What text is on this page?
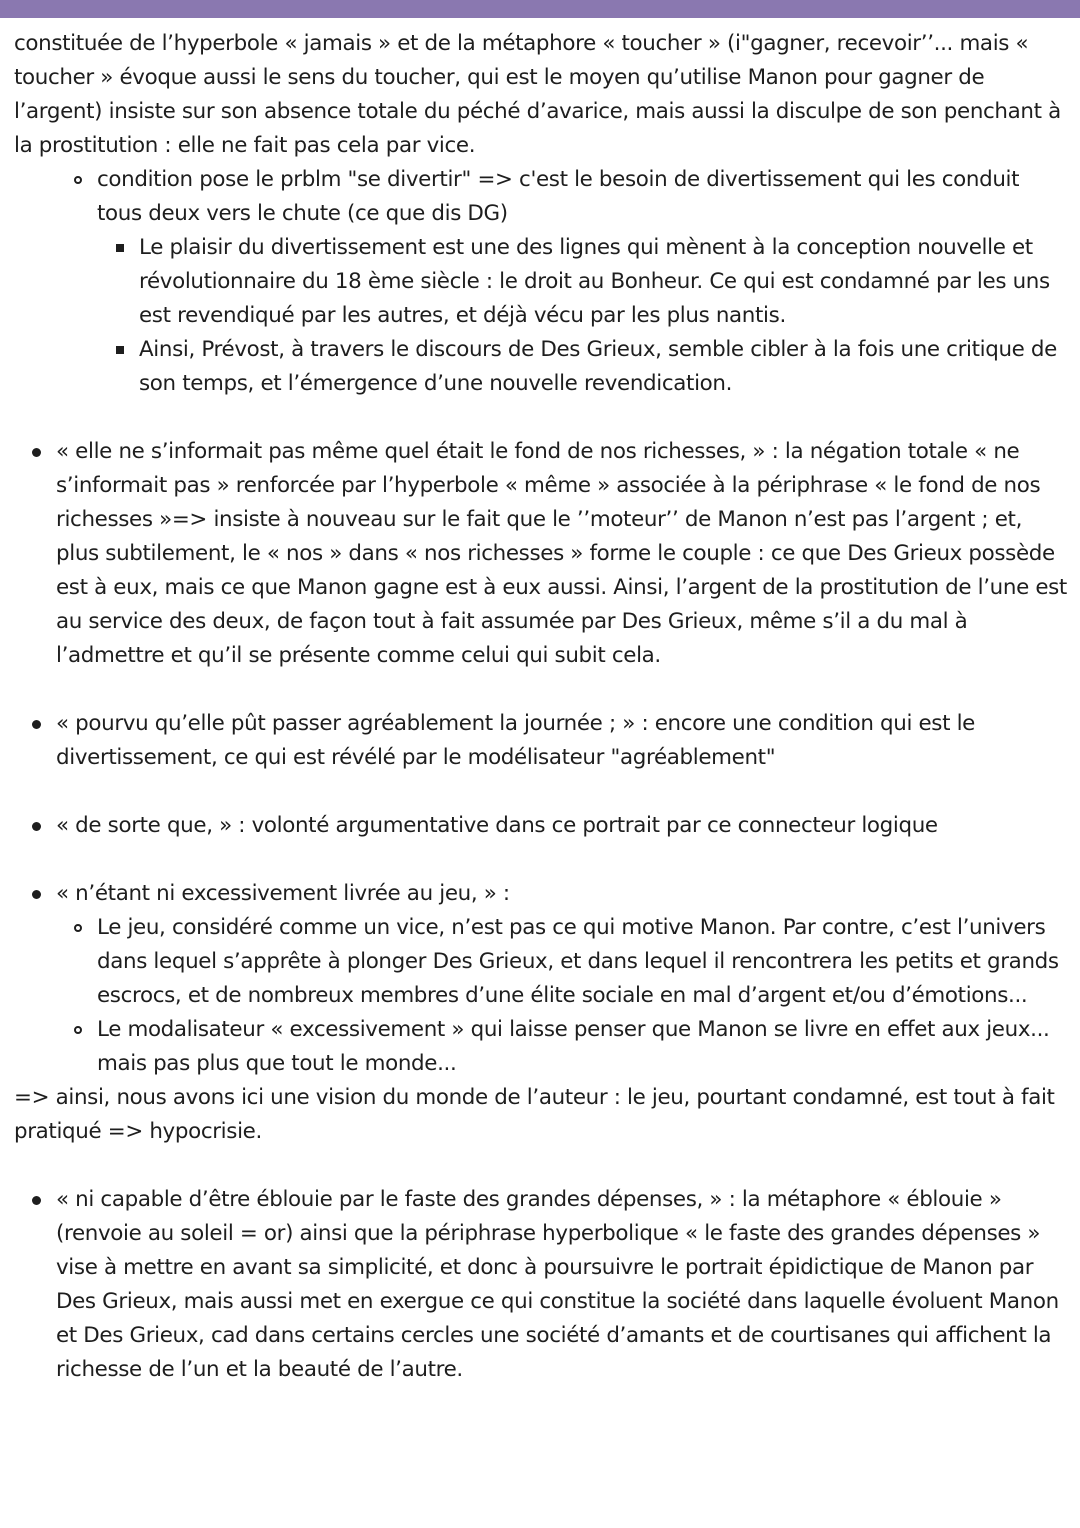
constituée de l’hyperbole « jamais » et de la métaphore « toucher » (i"gagner, recevoir’’... mais « toucher » évoque aussi le sens du toucher, qui est le moyen qu’utilise Manon pour gagner de l’argent) insiste sur son absence totale du péché d’avarice, mais aussi la disculpe de son penchant à la prostitution : elle ne fait pas cela par vice.

condition pose le prblm "se divertir" => c'est le besoin de divertissement qui les conduit tous deux vers le chute (ce que dis DG)
Le plaisir du divertissement est une des lignes qui mènent à la conception nouvelle et révolutionnaire du 18 ème siècle : le droit au Bonheur. Ce qui est condamné par les uns est revendiqué par les autres, et déjà vécu par les plus nantis.
Ainsi, Prévost, à travers le discours de Des Grieux, semble cibler à la fois une critique de son temps, et l’émergence d’une nouvelle revendication.
« elle ne s’informait pas même quel était le fond de nos richesses, » : la négation totale « ne s’informait pas » renforcée par l’hyperbole « même » associée à la périphrase « le fond de nos richesses »=> insiste à nouveau sur le fait que le ’’moteur’’ de Manon n’est pas l’argent ; et, plus subtilement, le « nos » dans « nos richesses » forme le couple : ce que Des Grieux possède est à eux, mais ce que Manon gagne est à eux aussi. Ainsi, l’argent de la prostitution de l’une est au service des deux, de façon tout à fait assumée par Des Grieux, même s’il a du mal à l’admettre et qu’il se présente comme celui qui subit cela.
« pourvu qu’elle pût passer agréablement la journée ; » : encore une condition qui est le divertissement, ce qui est révélé par le modélisateur "agréablement"
« de sorte que, » : volonté argumentative dans ce portrait par ce connecteur logique
« n’étant ni excessivement livrée au jeu, » :
Le jeu, considéré comme un vice, n’est pas ce qui motive Manon. Par contre, c’est l’univers dans lequel s’apprête à plonger Des Grieux, et dans lequel il rencontrera les petits et grands escrocs, et de nombreux membres d’une élite sociale en mal d’argent et/ou d’émotions...
Le modalisateur « excessivement » qui laisse penser que Manon se livre en effet aux jeux... mais pas plus que tout le monde...

=> ainsi, nous avons ici une vision du monde de l’auteur : le jeu, pourtant condamné, est tout à fait pratiqué => hypocrisie.

« ni capable d’être éblouie par le faste des grandes dépenses, » : la métaphore « éblouie » (renvoie au soleil = or) ainsi que la périphrase hyperbolique « le faste des grandes dépenses » vise à mettre en avant sa simplicité, et donc à poursuivre le portrait épidictique de Manon par Des Grieux, mais aussi met en exergue ce qui constitue la société dans laquelle évoluent Manon et Des Grieux, cad dans certains cercles une société d’amants et de courtisanes qui affichent la richesse de l’un et la beauté de l’autre.
